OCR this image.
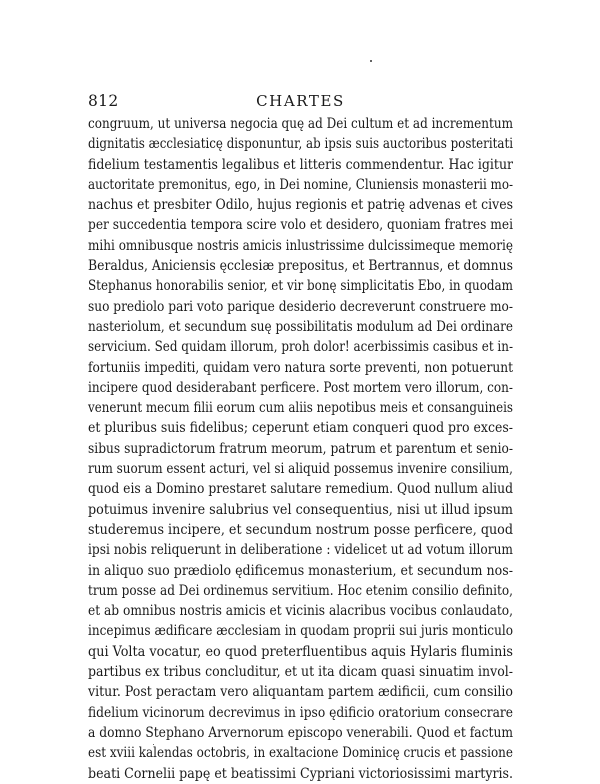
812	CHARTES
congruum, ut universa negocia quę ad Dei cultum et ad incrementum
dignitatis æcclesiaticę disponuntur, ab ipsis suis auctoribus posteritati
fidelium testamentis legalibus et litteris commendentur. Hac igitur
auctoritate premonitus, ego, in Dei nomine, Cluniensis monasterii mo-
nachus et presbiter Odilo, hujus regionis et patrię advenas et cives
per succedentia tempora scire volo et desidero, quoniam fratres mei
mihi omnibusque nostris amicis inlustrissime dulcissimeque memorię
Beraldus, Aniciensis ęcclesiæ prepositus, et Bertrannus, et domnus
Stephanus honorabilis senior, et vir bonę simplicitatis Ebo, in quodam
suo prediolo pari voto parique desiderio decreverunt construere mo-
nasteriolum, et secundum suę possibilitatis modulum ad Dei ordinare
servicium. Sed quidam illorum, proh dolor! acerbissimis casibus et in-
fortuniis impediti, quidam vero natura sorte preventi, non potuerunt
incipere quod desiderabant perficere. Post mortem vero illorum, con-
venerunt mecum filii eorum cum aliis nepotibus meis et consanguineis
et pluribus suis fidelibus; ceperunt etiam conqueri quod pro exces-
sibus supradictorum fratrum meorum, patrum et parentum et senio-
rum suorum essent acturi, vel si aliquid possemus invenire consilium,
quod eis a Domino prestaret salutare remedium. Quod nullum aliud
potuimus invenire salubrius vel consequentius, nisi ut illud ipsum
studeremus incipere, et secundum nostrum posse perficere, quod
ipsi nobis reliquerunt in deliberatione : videlicet ut ad votum illorum
in aliquo suo prædiolo ędificemus monasterium, et secundum nos-
trum posse ad Dei ordinemus servitium. Hoc etenim consilio definito,
et ab omnibus nostris amicis et vicinis alacribus vocibus conlaudato,
incepimus ædificare æcclesiam in quodam proprii sui juris monticulo
qui Volta vocatur, eo quod preterfluentibus aquis Hylaris fluminis
partibus ex tribus concluditur, et ut ita dicam quasi sinuatim invol-
vitur. Post peractam vero aliquantam partem ædificii, cum consilio
fidelium vicinorum decrevimus in ipso ędificio oratorium consecrare
a domno Stephano Arvernorum episcopo venerabili. Quod et factum
est xviii kalendas octobris, in exaltacione Dominicę crucis et passione
beati Cornelii papę et beatissimi Cypriani victoriosissimi martyris.
